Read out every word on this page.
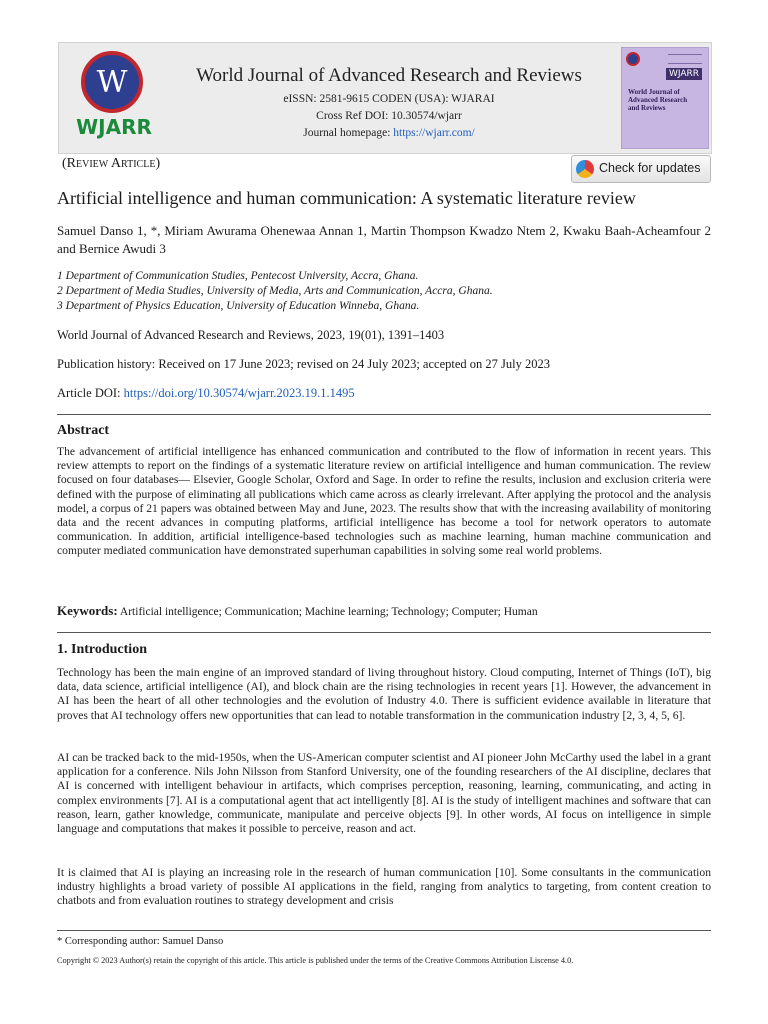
W
WJARR
World Journal of Advanced Research and Reviews
eISSN: 2581-9615 CODEN (USA): WJARAI
Cross Ref DOI: 10.30574/wjarr
Journal homepage: https://wjarr.com/
WJARR
World Journal of Advanced Research and Reviews
(Review Article)	Check for updates
Artificial intelligence and human communication: A systematic literature review
Samuel Danso 1, *, Miriam Awurama Ohenewaa Annan 1, Martin Thompson Kwadzo Ntem 2, Kwaku Baah-Acheamfour 2 and Bernice Awudi 3
1 Department of Communication Studies, Pentecost University, Accra, Ghana.
2 Department of Media Studies, University of Media, Arts and Communication, Accra, Ghana.
3 Department of Physics Education, University of Education Winneba, Ghana.
World Journal of Advanced Research and Reviews, 2023, 19(01), 1391–1403
Publication history: Received on 17 June 2023; revised on 24 July 2023; accepted on 27 July 2023
Article DOI: https://doi.org/10.30574/wjarr.2023.19.1.1495
Abstract
The advancement of artificial intelligence has enhanced communication and contributed to the flow of information in recent years. This review attempts to report on the findings of a systematic literature review on artificial intelligence and human communication. The review focused on four databases— Elsevier, Google Scholar, Oxford and Sage. In order to refine the results, inclusion and exclusion criteria were defined with the purpose of eliminating all publications which came across as clearly irrelevant. After applying the protocol and the analysis model, a corpus of 21 papers was obtained between May and June, 2023. The results show that with the increasing availability of monitoring data and the recent advances in computing platforms, artificial intelligence has become a tool for network operators to automate communication. In addition, artificial intelligence-based technologies such as machine learning, human machine communication and computer mediated communication have demonstrated superhuman capabilities in solving some real world problems.
Keywords: Artificial intelligence; Communication; Machine learning; Technology; Computer; Human
1. Introduction
Technology has been the main engine of an improved standard of living throughout history. Cloud computing, Internet of Things (IoT), big data, data science, artificial intelligence (AI), and block chain are the rising technologies in recent years [1]. However, the advancement in AI has been the heart of all other technologies and the evolution of Industry 4.0. There is sufficient evidence available in literature that proves that AI technology offers new opportunities that can lead to notable transformation in the communication industry [2, 3, 4, 5, 6].
AI can be tracked back to the mid-1950s, when the US-American computer scientist and AI pioneer John McCarthy used the label in a grant application for a conference. Nils John Nilsson from Stanford University, one of the founding researchers of the AI discipline, declares that AI is concerned with intelligent behaviour in artifacts, which comprises perception, reasoning, learning, communicating, and acting in complex environments [7]. AI is a computational agent that act intelligently [8]. AI is the study of intelligent machines and software that can reason, learn, gather knowledge, communicate, manipulate and perceive objects [9]. In other words, AI focus on intelligence in simple language and computations that makes it possible to perceive, reason and act.
It is claimed that AI is playing an increasing role in the research of human communication [10]. Some consultants in the communication industry highlights a broad variety of possible AI applications in the field, ranging from analytics to targeting, from content creation to chatbots and from evaluation routines to strategy development and crisis
* Corresponding author: Samuel Danso
Copyright © 2023 Author(s) retain the copyright of this article. This article is published under the terms of the Creative Commons Attribution Liscense 4.0.
